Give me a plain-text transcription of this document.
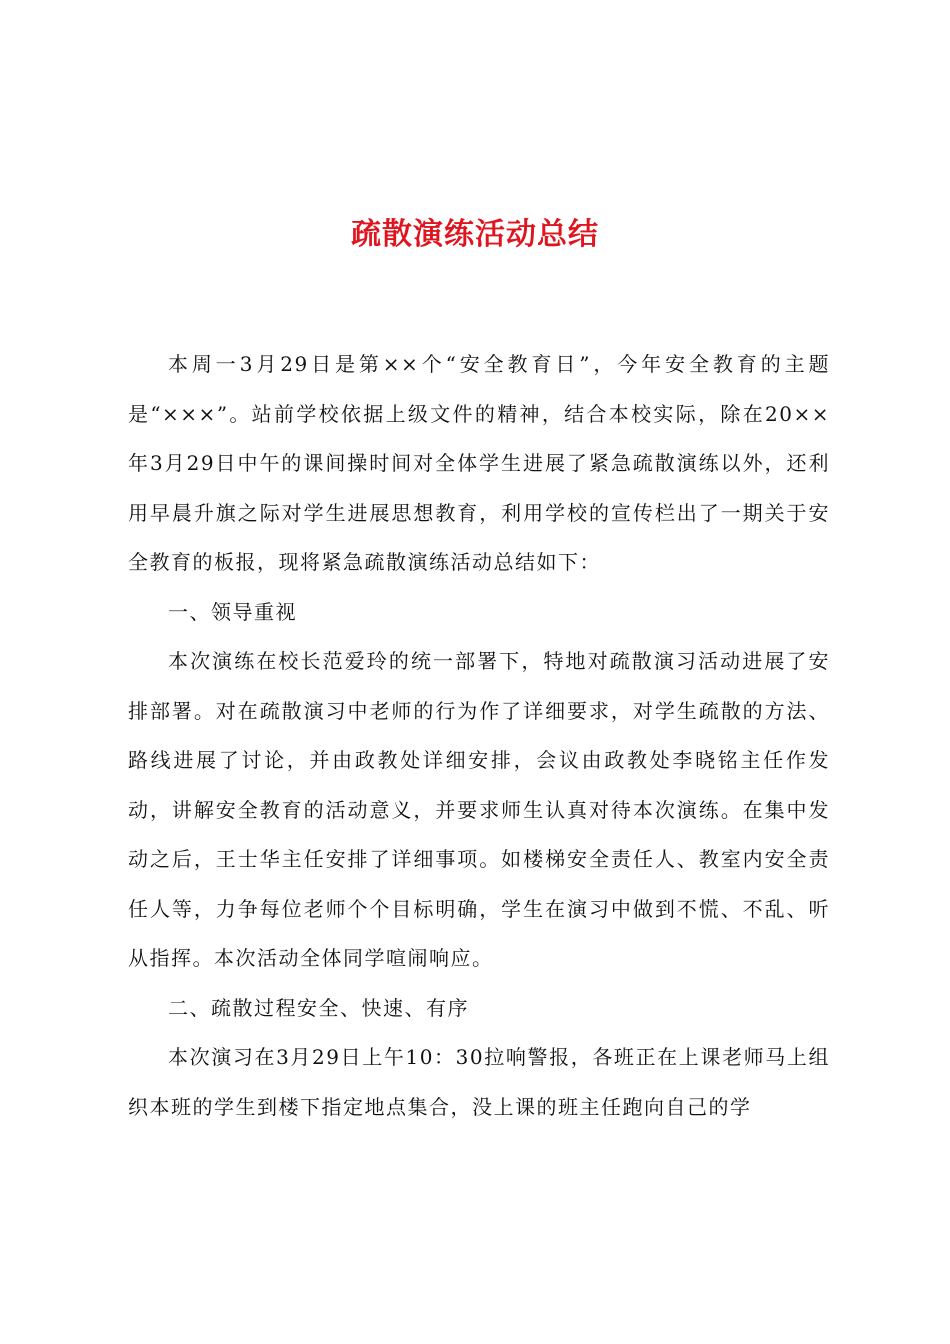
疏散演练活动总结

本周一3月29日是第××个“安全教育日”，今年安全教育的主题是“×××”。站前学校依据上级文件的精神，结合本校实际，除在20××年3月29日中午的课间操时间对全体学生进展了紧急疏散演练以外，还利用早晨升旗之际对学生进展思想教育，利用学校的宣传栏出了一期关于安全教育的板报，现将紧急疏散演练活动总结如下：

一、领导重视

本次演练在校长范爱玲的统一部署下，特地对疏散演习活动进展了安排部署。对在疏散演习中老师的行为作了详细要求，对学生疏散的方法、路线进展了讨论，并由政教处详细安排，会议由政教处李晓铭主任作发动，讲解安全教育的活动意义，并要求师生认真对待本次演练。在集中发动之后，王士华主任安排了详细事项。如楼梯安全责任人、教室内安全责任人等，力争每位老师个个目标明确，学生在演习中做到不慌、不乱、听从指挥。本次活动全体同学喧闹响应。

二、疏散过程安全、快速、有序

本次演习在3月29日上午10：30拉响警报，各班正在上课老师马上组织本班的学生到楼下指定地点集合，没上课的班主任跑向自己的学
